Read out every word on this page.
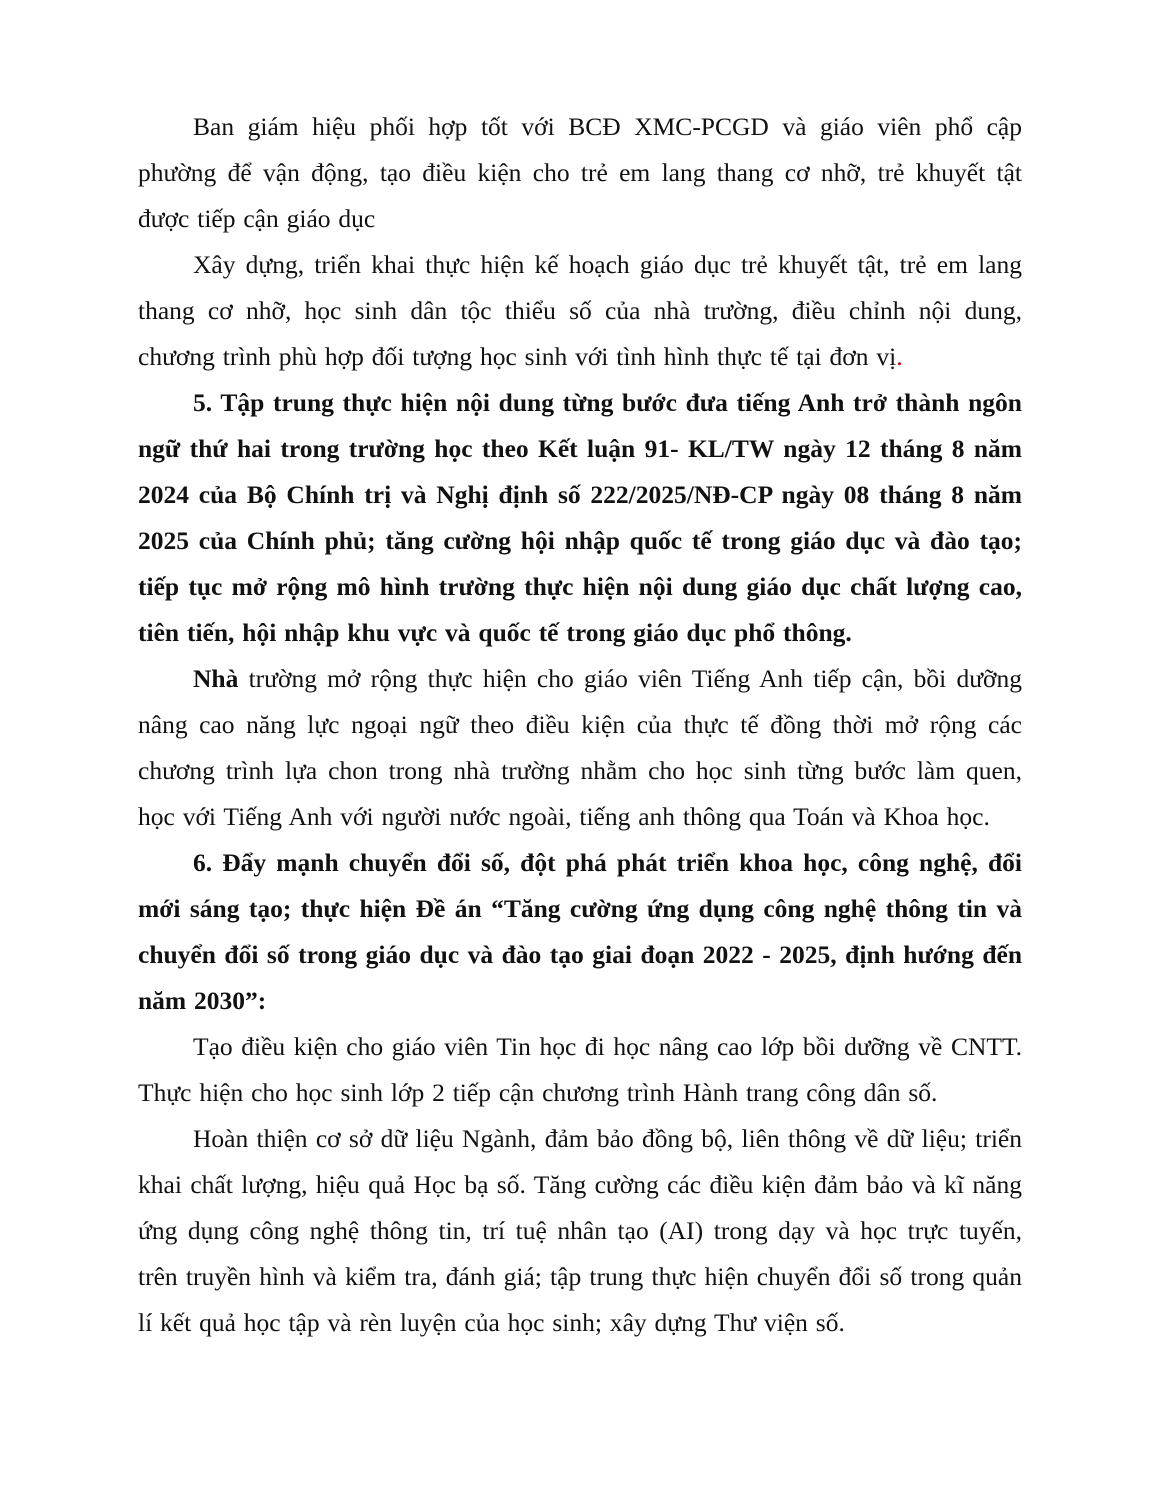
Ban giám hiệu phối hợp tốt với BCĐ XMC-PCGD và giáo viên phổ cập phường để vận động, tạo điều kiện cho trẻ em lang thang cơ nhỡ, trẻ khuyết tật được tiếp cận giáo dục

Xây dựng, triển khai thực hiện kế hoạch giáo dục trẻ khuyết tật, trẻ em lang thang cơ nhỡ, học sinh dân tộc thiểu số của nhà trường, điều chỉnh nội dung, chương trình phù hợp đối tượng học sinh với tình hình thực tế tại đơn vị.

5. Tập trung thực hiện nội dung từng bước đưa tiếng Anh trở thành ngôn ngữ thứ hai trong trường học theo Kết luận 91- KL/TW ngày 12 tháng 8 năm 2024 của Bộ Chính trị và Nghị định số 222/2025/NĐ-CP ngày 08 tháng 8 năm 2025 của Chính phủ; tăng cường hội nhập quốc tế trong giáo dục và đào tạo; tiếp tục mở rộng mô hình trường thực hiện nội dung giáo dục chất lượng cao, tiên tiến, hội nhập khu vực và quốc tế trong giáo dục phổ thông.

Nhà trường mở rộng thực hiện cho giáo viên Tiếng Anh tiếp cận, bồi dưỡng nâng cao năng lực ngoại ngữ theo điều kiện của thực tế đồng thời mở rộng các chương trình lựa chon trong nhà trường nhằm cho học sinh từng bước làm quen, học với Tiếng Anh với người nước ngoài, tiếng anh thông qua Toán và Khoa học.

6. Đẩy mạnh chuyển đổi số, đột phá phát triển khoa học, công nghệ, đổi mới sáng tạo; thực hiện Đề án “Tăng cường ứng dụng công nghệ thông tin và chuyển đổi số trong giáo dục và đào tạo giai đoạn 2022 - 2025, định hướng đến năm 2030”:

Tạo điều kiện cho giáo viên Tin học đi học nâng cao lớp bồi dưỡng về CNTT. Thực hiện cho học sinh lớp 2 tiếp cận chương trình Hành trang công dân số.

Hoàn thiện cơ sở dữ liệu Ngành, đảm bảo đồng bộ, liên thông về dữ liệu; triển khai chất lượng, hiệu quả Học bạ số. Tăng cường các điều kiện đảm bảo và kĩ năng ứng dụng công nghệ thông tin, trí tuệ nhân tạo (AI) trong dạy và học trực tuyến, trên truyền hình và kiểm tra, đánh giá; tập trung thực hiện chuyển đổi số trong quản lí kết quả học tập và rèn luyện của học sinh; xây dựng Thư viện số.
